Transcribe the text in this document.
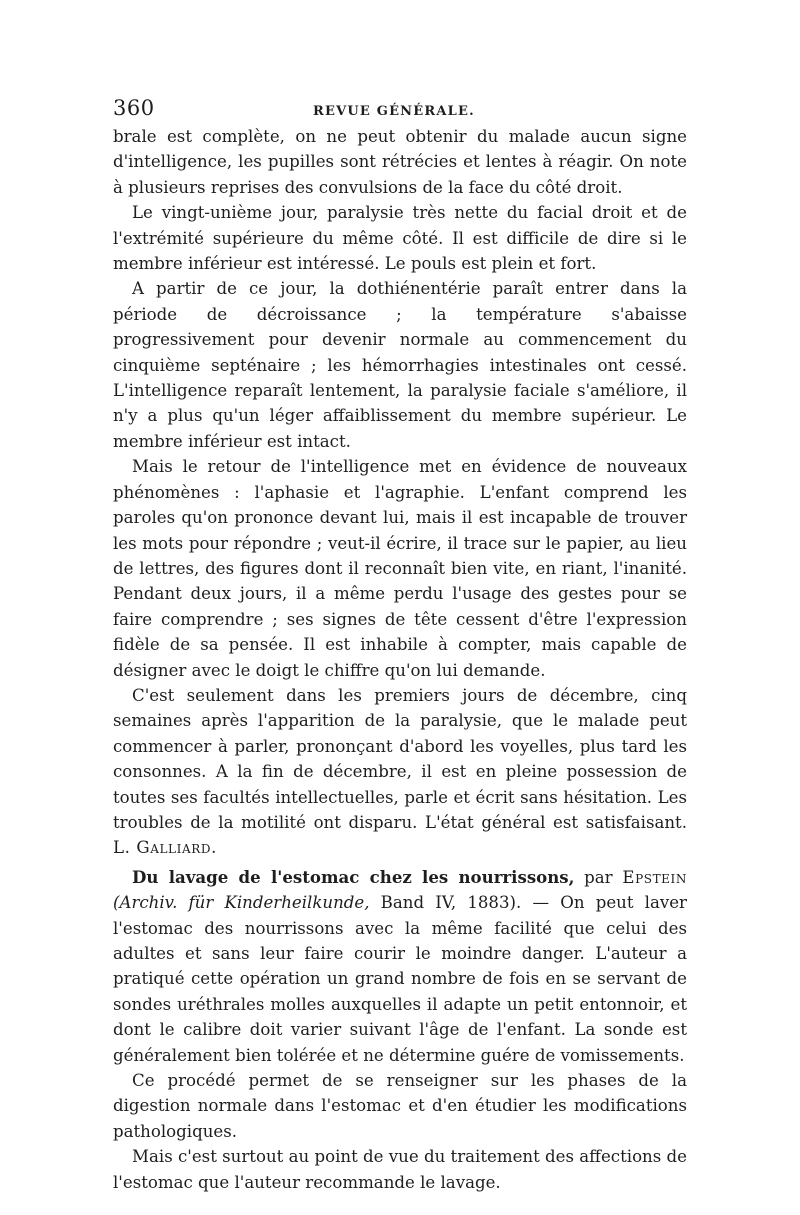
360	REVUE GÉNÉRALE.

brale est complète, on ne peut obtenir du malade aucun signe d'intelligence, les pupilles sont rétrécies et lentes à réagir. On note à plusieurs reprises des convulsions de la face du côté droit.

Le vingt-unième jour, paralysie très nette du facial droit et de l'extrémité supérieure du même côté. Il est difficile de dire si le membre inférieur est intéressé. Le pouls est plein et fort.

A partir de ce jour, la dothiénentérie paraît entrer dans la période de décroissance ; la température s'abaisse progressivement pour devenir normale au commencement du cinquième septénaire ; les hémorrhagies intestinales ont cessé. L'intelligence reparaît lentement, la paralysie faciale s'améliore, il n'y a plus qu'un léger affaiblissement du membre supérieur. Le membre inférieur est intact.

Mais le retour de l'intelligence met en évidence de nouveaux phénomènes : l'aphasie et l'agraphie. L'enfant comprend les paroles qu'on prononce devant lui, mais il est incapable de trouver les mots pour répondre ; veut-il écrire, il trace sur le papier, au lieu de lettres, des figures dont il reconnaît bien vite, en riant, l'inanité. Pendant deux jours, il a même perdu l'usage des gestes pour se faire comprendre ; ses signes de tête cessent d'être l'expression fidèle de sa pensée. Il est inhabile à compter, mais capable de désigner avec le doigt le chiffre qu'on lui demande.

C'est seulement dans les premiers jours de décembre, cinq semaines après l'apparition de la paralysie, que le malade peut commencer à parler, prononçant d'abord les voyelles, plus tard les consonnes. A la fin de décembre, il est en pleine possession de toutes ses facultés intellectuelles, parle et écrit sans hésitation. Les troubles de la motilité ont disparu. L'état général est satisfaisant. L. Galliard.

Du lavage de l'estomac chez les nourrissons, par Epstein (Archiv. für Kinderheilkunde, Band IV, 1883). — On peut laver l'estomac des nourrissons avec la même facilité que celui des adultes et sans leur faire courir le moindre danger. L'auteur a pratiqué cette opération un grand nombre de fois en se servant de sondes uréthrales molles auxquelles il adapte un petit entonnoir, et dont le calibre doit varier suivant l'âge de l'enfant. La sonde est généralement bien tolérée et ne détermine guére de vomissements.

Ce procédé permet de se renseigner sur les phases de la digestion normale dans l'estomac et d'en étudier les modifications pathologiques.

Mais c'est surtout au point de vue du traitement des affections de l'estomac que l'auteur recommande le lavage.
